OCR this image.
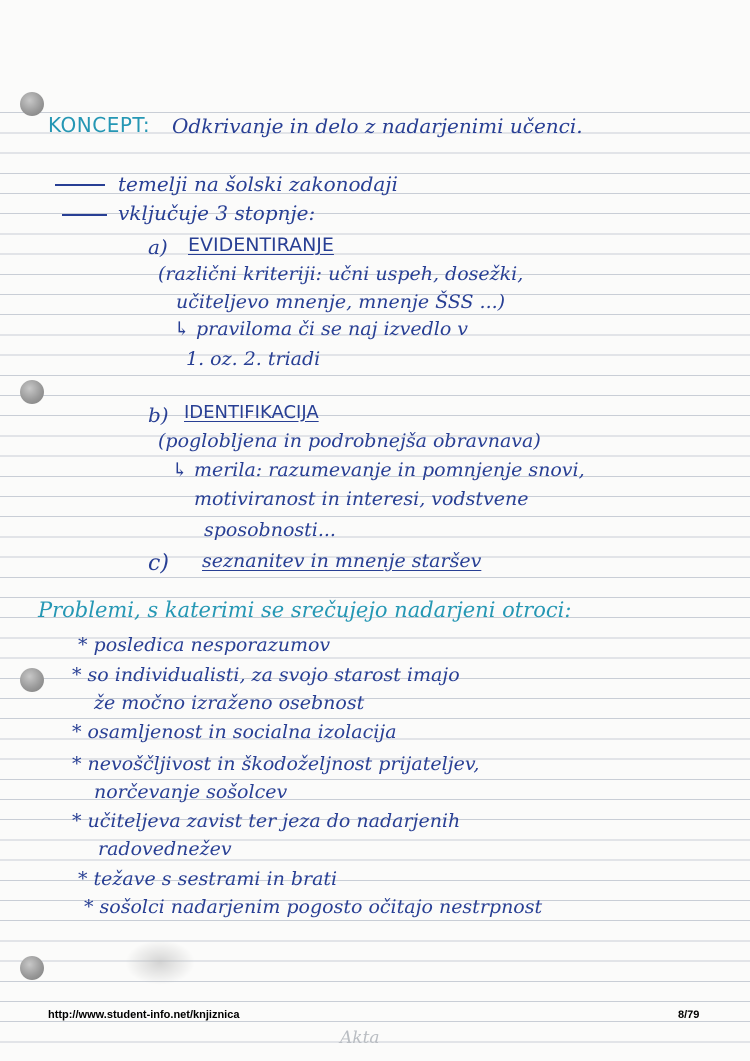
KONCEPT: Odkrivanje in delo z nadarjenimi učenci.

temelji na šolski zakonodaji

vključuje 3 stopnje:

a) EVIDENTIRANJE

(različni kriteriji: učni uspeh, dosežki,

učiteljevo mnenje, mnenje ŠSS ...)

↳ praviloma či se naj izvedlo v

1. oz. 2. triadi

b) IDENTIFIKACIJA

(poglobljena in podrobnejša obravnava)

↳ merila: razumevanje in pomnjenje snovi,

motiviranost in interesi, vodstvene

sposobnosti...

c) seznanitev in mnenje staršev

Problemi, s katerimi se srečujejo nadarjeni otroci:

* posledica nesporazumov

* so individualisti, za svojo starost imajo

že močno izraženo osebnost

* osamljenost in socialna izolacija

* nevoščljivost in škodoželjnost prijateljev,

norčevanje sošolcev

* učiteljeva zavist ter jeza do nadarjenih

radovednežev

* težave s sestrami in brati

* sošolci nadarjenim pogosto očitajo nestrpnost

http://www.student-info.net/knjiznica	8/79
Akta
